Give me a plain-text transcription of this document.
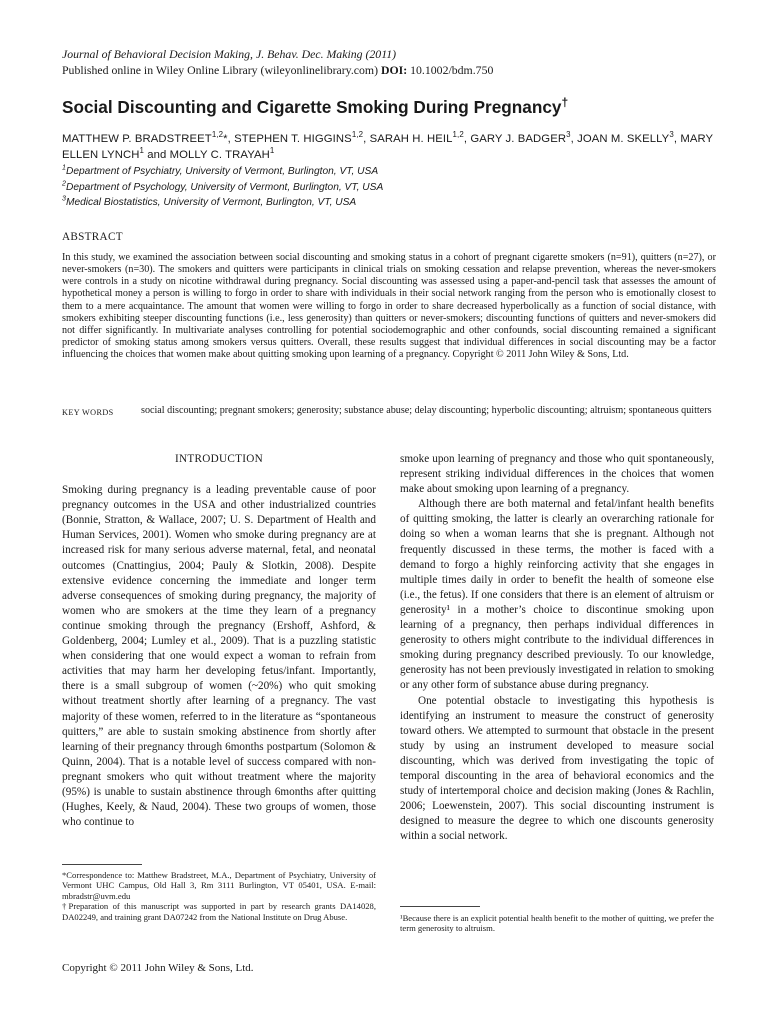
Journal of Behavioral Decision Making, J. Behav. Dec. Making (2011)
Published online in Wiley Online Library (wileyonlinelibrary.com) DOI: 10.1002/bdm.750
Social Discounting and Cigarette Smoking During Pregnancy†
MATTHEW P. BRADSTREET$^{1,2}$*, STEPHEN T. HIGGINS$^{1,2}$, SARAH H. HEIL$^{1,2}$, GARY J. BADGER$^3$, JOAN M. SKELLY$^3$, MARY ELLEN LYNCH$^1$ and MOLLY C. TRAYAH$^1$
$^1$Department of Psychiatry, University of Vermont, Burlington, VT, USA
$^2$Department of Psychology, University of Vermont, Burlington, VT, USA
$^3$Medical Biostatistics, University of Vermont, Burlington, VT, USA
ABSTRACT

In this study, we examined the association between social discounting and smoking status in a cohort of pregnant cigarette smokers (n=91), quitters (n=27), or never-smokers (n=30). The smokers and quitters were participants in clinical trials on smoking cessation and relapse prevention, whereas the never-smokers were controls in a study on nicotine withdrawal during pregnancy. Social discounting was assessed using a paper-and-pencil task that assesses the amount of hypothetical money a person is willing to forgo in order to share with individuals in their social network ranging from the person who is emotionally closest to them to a mere acquaintance. The amount that women were willing to forgo in order to share decreased hyperbolically as a function of social distance, with smokers exhibiting steeper discounting functions (i.e., less generosity) than quitters or never-smokers; discounting functions of quitters and never-smokers did not differ significantly. In multivariate analyses controlling for potential sociodemographic and other confounds, social discounting remained a significant predictor of smoking status among smokers versus quitters. Overall, these results suggest that individual differences in social discounting may be a factor influencing the choices that women make about quitting smoking upon learning of a pregnancy. Copyright © 2011 John Wiley & Sons, Ltd.

KEY WORDS	social discounting; pregnant smokers; generosity; substance abuse; delay discounting; hyperbolic discounting; altruism; spontaneous quitters
INTRODUCTION

Smoking during pregnancy is a leading preventable cause of poor pregnancy outcomes in the USA and other industrialized countries (Bonnie, Stratton, & Wallace, 2007; U. S. Department of Health and Human Services, 2001). Women who smoke during pregnancy are at increased risk for many serious adverse maternal, fetal, and neonatal outcomes (Cnattingius, 2004; Pauly & Slotkin, 2008). Despite extensive evidence concerning the immediate and longer term adverse consequences of smoking during pregnancy, the majority of women who are smokers at the time they learn of a pregnancy continue smoking through the pregnancy (Ershoff, Ashford, & Goldenberg, 2004; Lumley et al., 2009). That is a puzzling statistic when considering that one would expect a woman to refrain from activities that may harm her developing fetus/infant. Importantly, there is a small subgroup of women (~20%) who quit smoking without treatment shortly after learning of a pregnancy. The vast majority of these women, referred to in the literature as “spontaneous quitters,” are able to sustain smoking abstinence from shortly after learning of their pregnancy through 6months postpartum (Solomon & Quinn, 2004). That is a notable level of success compared with non-pregnant smokers who quit without treatment where the majority (95%) is unable to sustain abstinence through 6months after quitting (Hughes, Keely, & Naud, 2004). These two groups of women, those who continue to

smoke upon learning of pregnancy and those who quit spontaneously, represent striking individual differences in the choices that women make about smoking upon learning of a pregnancy.

Although there are both maternal and fetal/infant health benefits of quitting smoking, the latter is clearly an overarching rationale for doing so when a woman learns that she is pregnant. Although not frequently discussed in these terms, the mother is faced with a demand to forgo a highly reinforcing activity that she engages in multiple times daily in order to benefit the health of someone else (i.e., the fetus). If one considers that there is an element of altruism or generosity¹ in a mother’s choice to discontinue smoking upon learning of a pregnancy, then perhaps individual differences in generosity to others might contribute to the individual differences in smoking during pregnancy described previously. To our knowledge, generosity has not been previously investigated in relation to smoking or any other form of substance abuse during pregnancy.

One potential obstacle to investigating this hypothesis is identifying an instrument to measure the construct of generosity toward others. We attempted to surmount that obstacle in the present study by using an instrument developed to measure social discounting, which was derived from investigating the topic of temporal discounting in the area of behavioral economics and the study of intertemporal choice and decision making (Jones & Rachlin, 2006; Loewenstein, 2007). This social discounting instrument is designed to measure the degree to which one discounts generosity within a social network.

*Correspondence to: Matthew Bradstreet, M.A., Department of Psychiatry, University of Vermont UHC Campus, Old Hall 3, Rm 3111 Burlington, VT 05401, USA. E-mail: mbradstr@uvm.edu

†Preparation of this manuscript was supported in part by research grants DA14028, DA02249, and training grant DA07242 from the National Institute on Drug Abuse.	¹Because there is an explicit potential health benefit to the mother of quitting, we prefer the term generosity to altruism.
Copyright © 2011 John Wiley & Sons, Ltd.
